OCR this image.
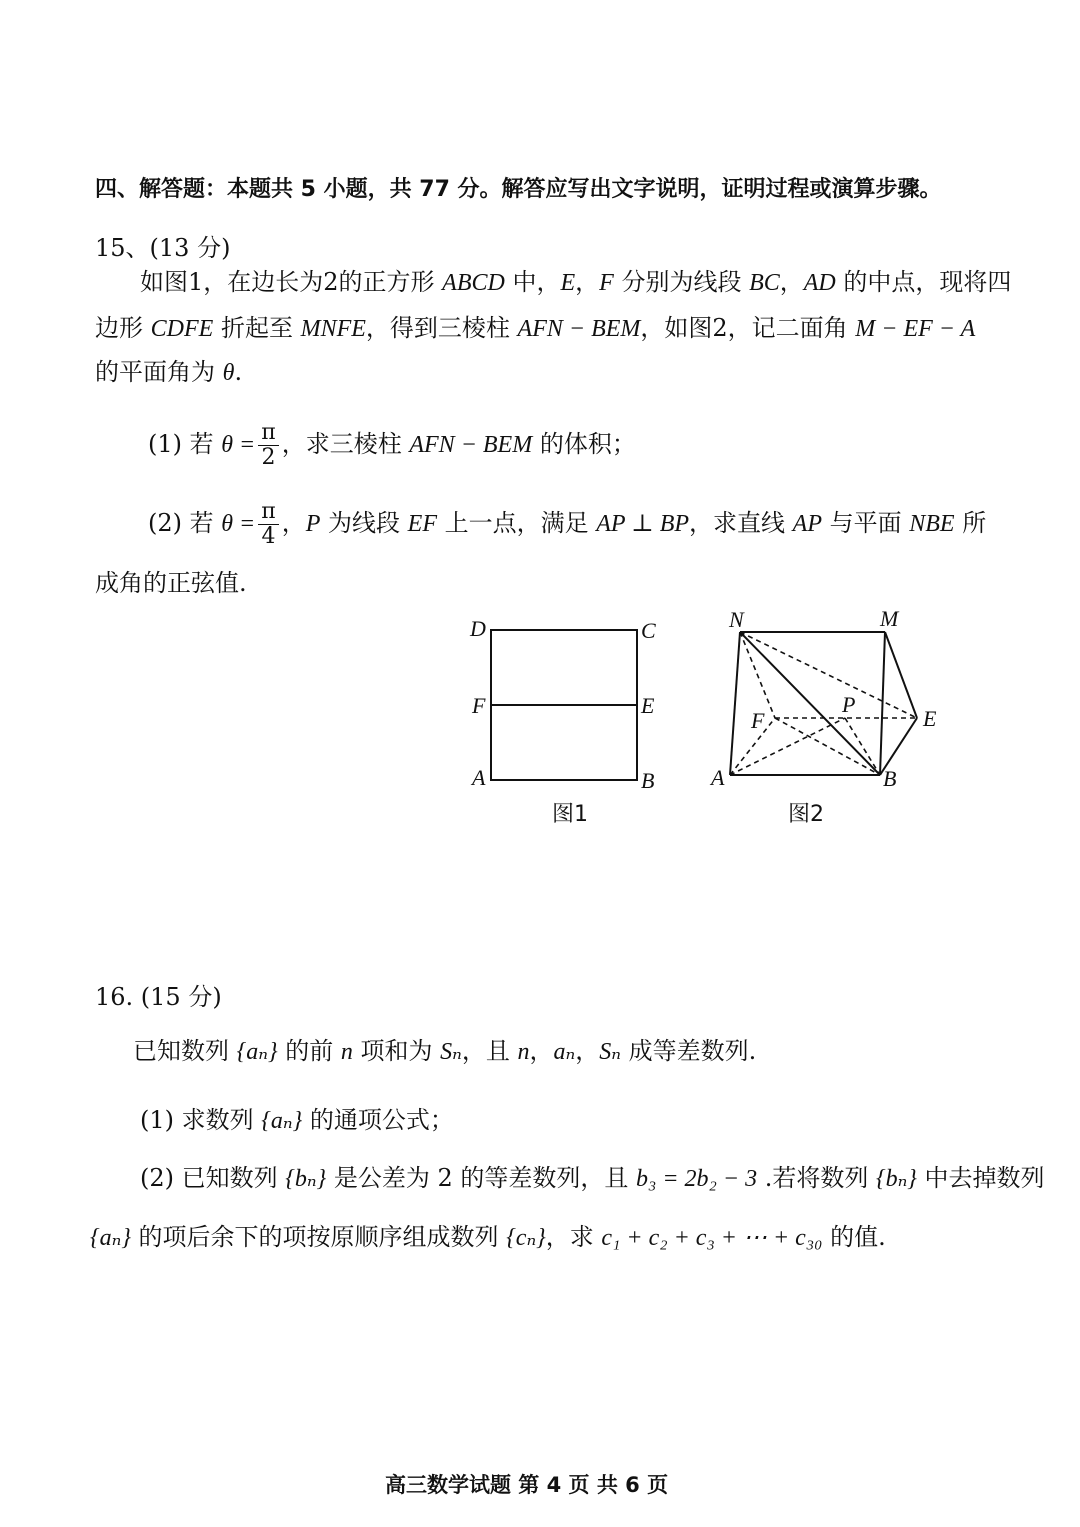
四、解答题：本题共 5 小题，共 77 分。解答应写出文字说明，证明过程或演算步骤。
15、(13 分)
如图1，在边长为2的正方形 ABCD 中，E，F 分别为线段 BC，AD 的中点，现将四
边形 CDFE 折起至 MNFE，得到三棱柱 AFN − BEM，如图2，记二面角 M − EF − A
的平面角为 θ.
(1) 若 $\theta = \frac{\pi}{2}$ ，求三棱柱 AFN − BEM 的体积；
(2) 若 $\theta = \frac{\pi}{4}$ ，P 为线段 EF 上一点，满足 AP ⊥ BP，求直线 AP 与平面 NBE 所
成角的正弦值.
D	C
F	E
A	B
图1
N	M
F
P
E
A	B
图2
16. (15 分)
已知数列 {aₙ} 的前 n 项和为 Sₙ，且 n，aₙ，Sₙ 成等差数列.
(1) 求数列 {aₙ} 的通项公式；
(2) 已知数列 {bₙ} 是公差为 2 的等差数列，且 b₃ = 2b₂ − 3 .若将数列 {bₙ} 中去掉数列
{aₙ} 的项后余下的项按原顺序组成数列 {cₙ}，求 c₁ + c₂ + c₃ + ⋯ + c₃₀ 的值.
高三数学试题 第 4 页 共 6 页
